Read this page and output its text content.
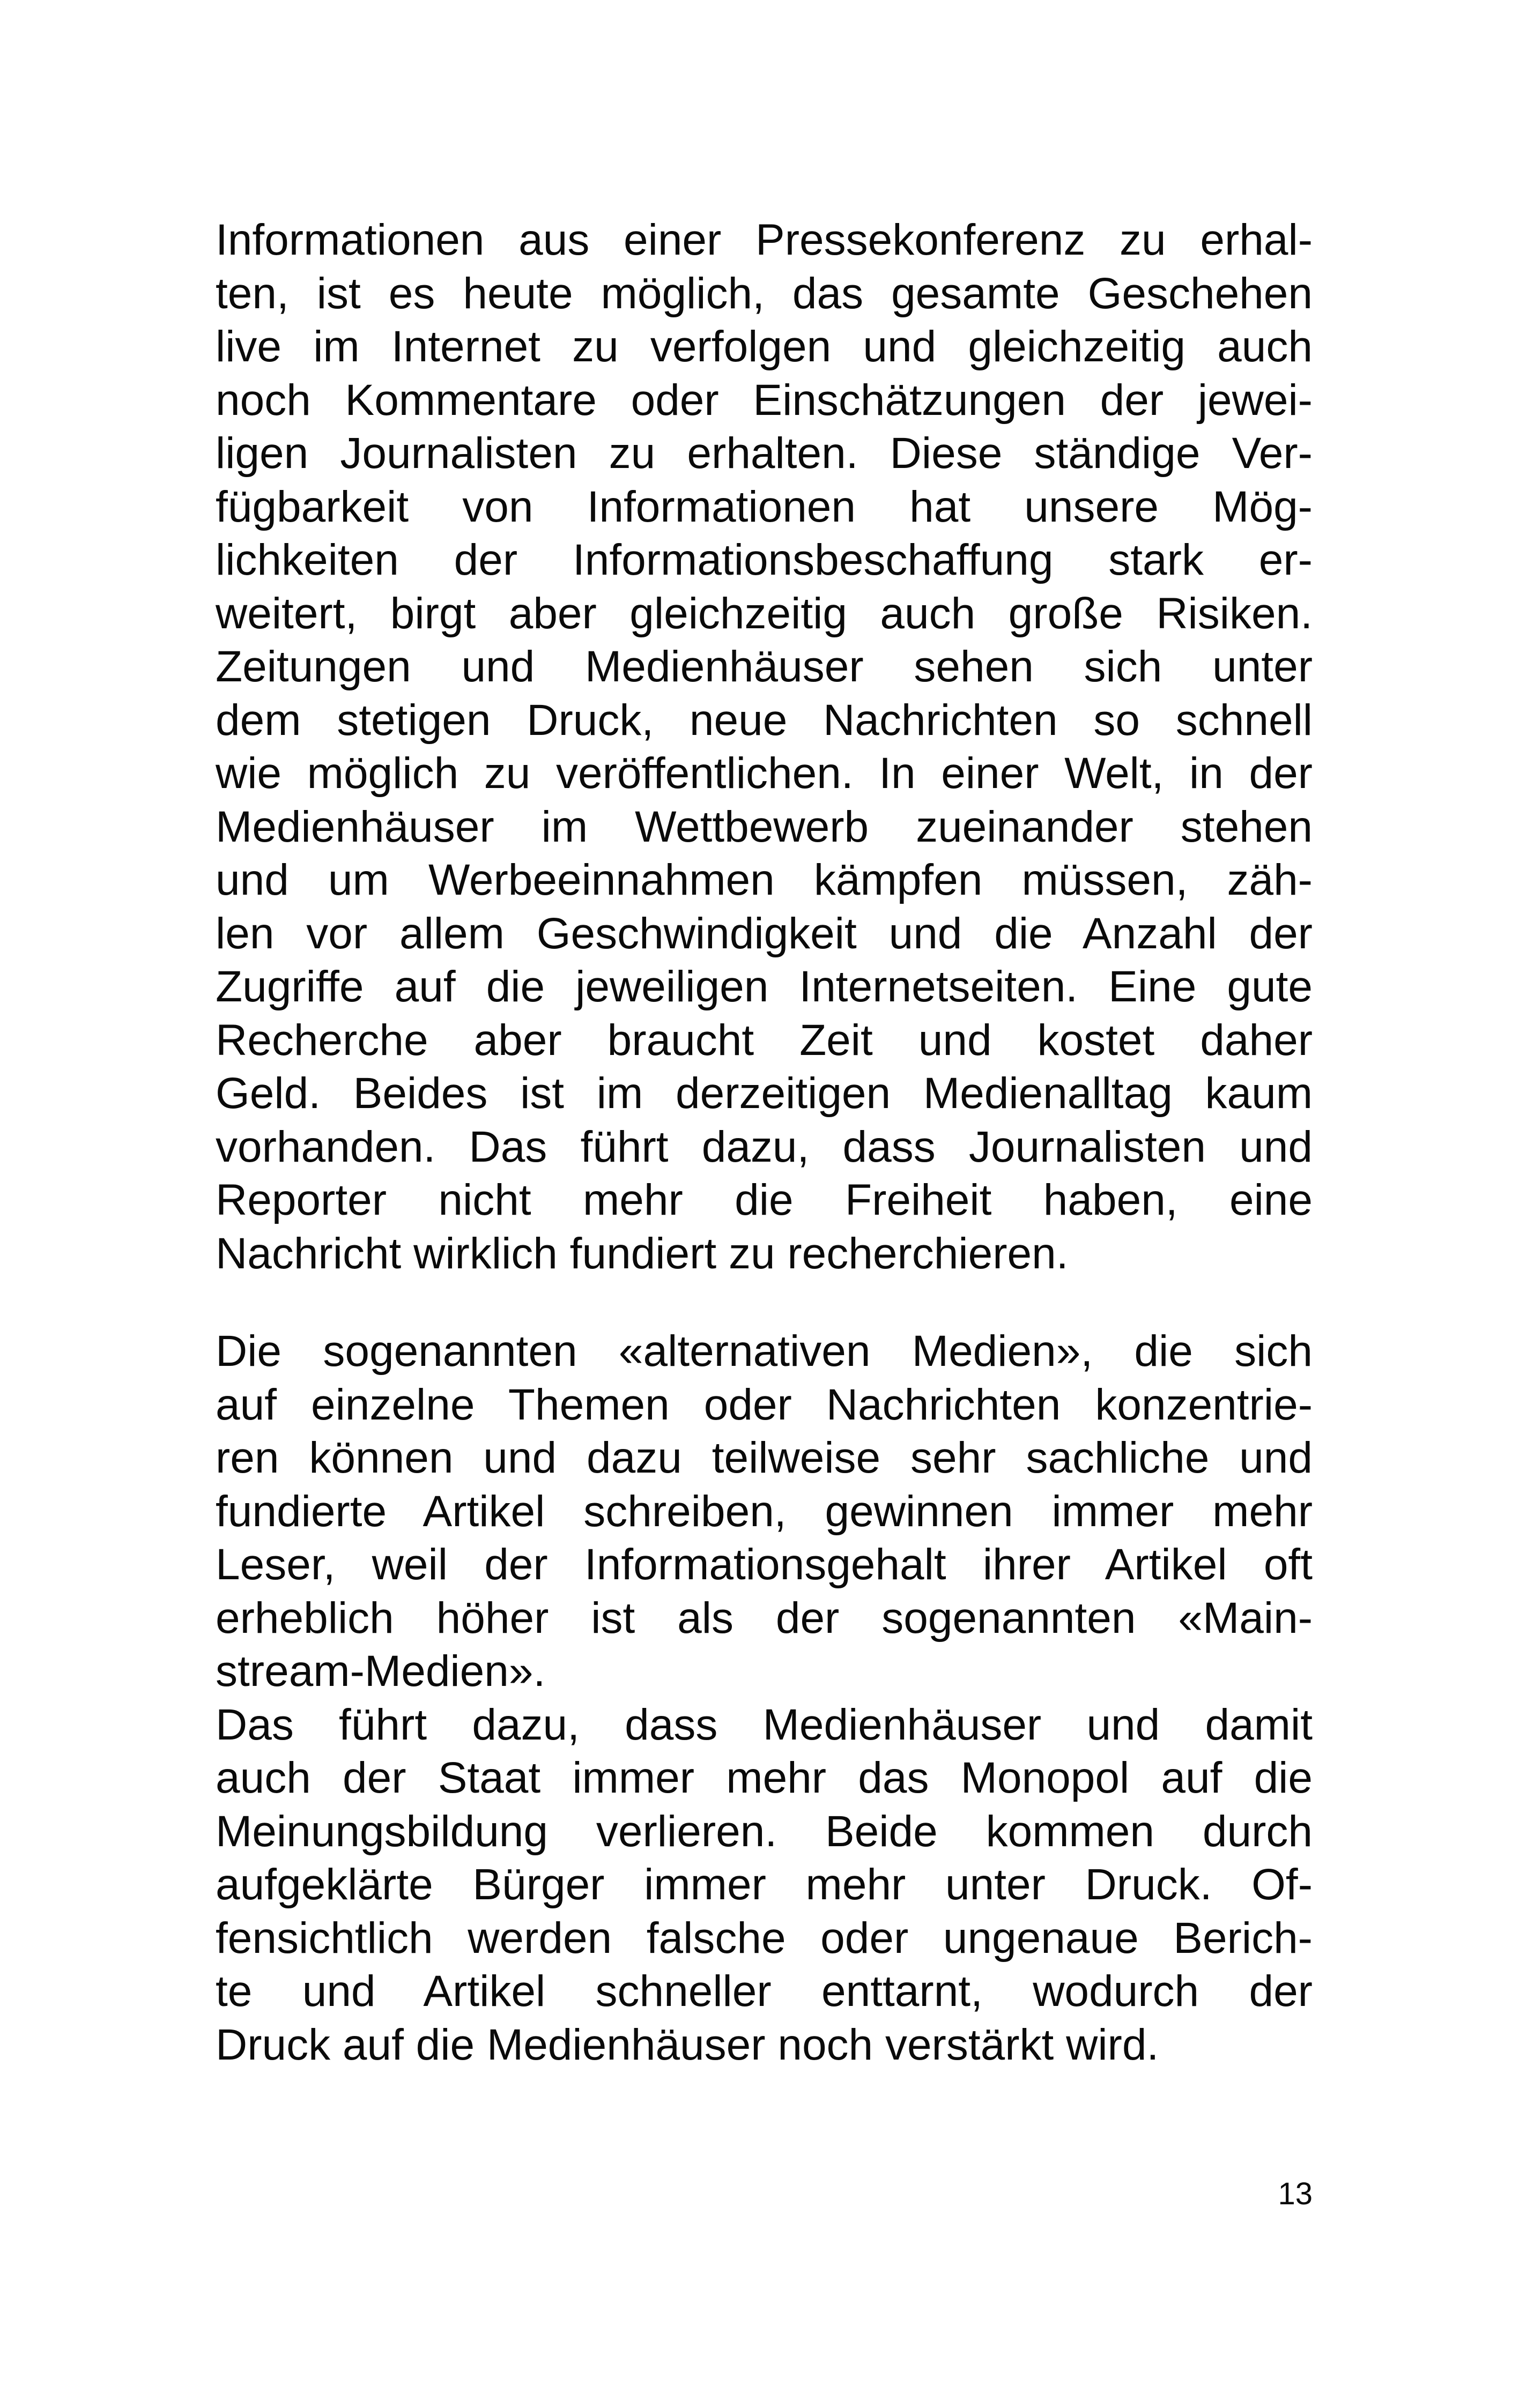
Informationen aus einer Pressekonferenz zu erhal-
ten, ist es heute möglich, das gesamte Geschehen
live im Internet zu verfolgen und gleichzeitig auch
noch Kommentare oder Einschätzungen der jewei-
ligen Journalisten zu erhalten. Diese ständige Ver-
fügbarkeit von Informationen hat unsere Mög-
lichkeiten der Informationsbeschaffung stark er-
weitert, birgt aber gleichzeitig auch große Risiken.
Zeitungen und Medienhäuser sehen sich unter
dem stetigen Druck, neue Nachrichten so schnell
wie möglich zu veröffentlichen. In einer Welt, in der
Medienhäuser im Wettbewerb zueinander stehen
und um Werbeeinnahmen kämpfen müssen, zäh-
len vor allem Geschwindigkeit und die Anzahl der
Zugriffe auf die jeweiligen Internetseiten. Eine gute
Recherche aber braucht Zeit und kostet daher
Geld. Beides ist im derzeitigen Medienalltag kaum
vorhanden. Das führt dazu, dass Journalisten und
Reporter nicht mehr die Freiheit haben, eine
Nachricht wirklich fundiert zu recherchieren.
Die sogenannten «alternativen Medien», die sich
auf einzelne Themen oder Nachrichten konzentrie-
ren können und dazu teilweise sehr sachliche und
fundierte Artikel schreiben, gewinnen immer mehr
Leser, weil der Informationsgehalt ihrer Artikel oft
erheblich höher ist als der sogenannten «Main-
stream-Medien».
Das führt dazu, dass Medienhäuser und damit
auch der Staat immer mehr das Monopol auf die
Meinungsbildung verlieren. Beide kommen durch
aufgeklärte Bürger immer mehr unter Druck. Of-
fensichtlich werden falsche oder ungenaue Berich-
te und Artikel schneller enttarnt, wodurch der
Druck auf die Medienhäuser noch verstärkt wird.
13
